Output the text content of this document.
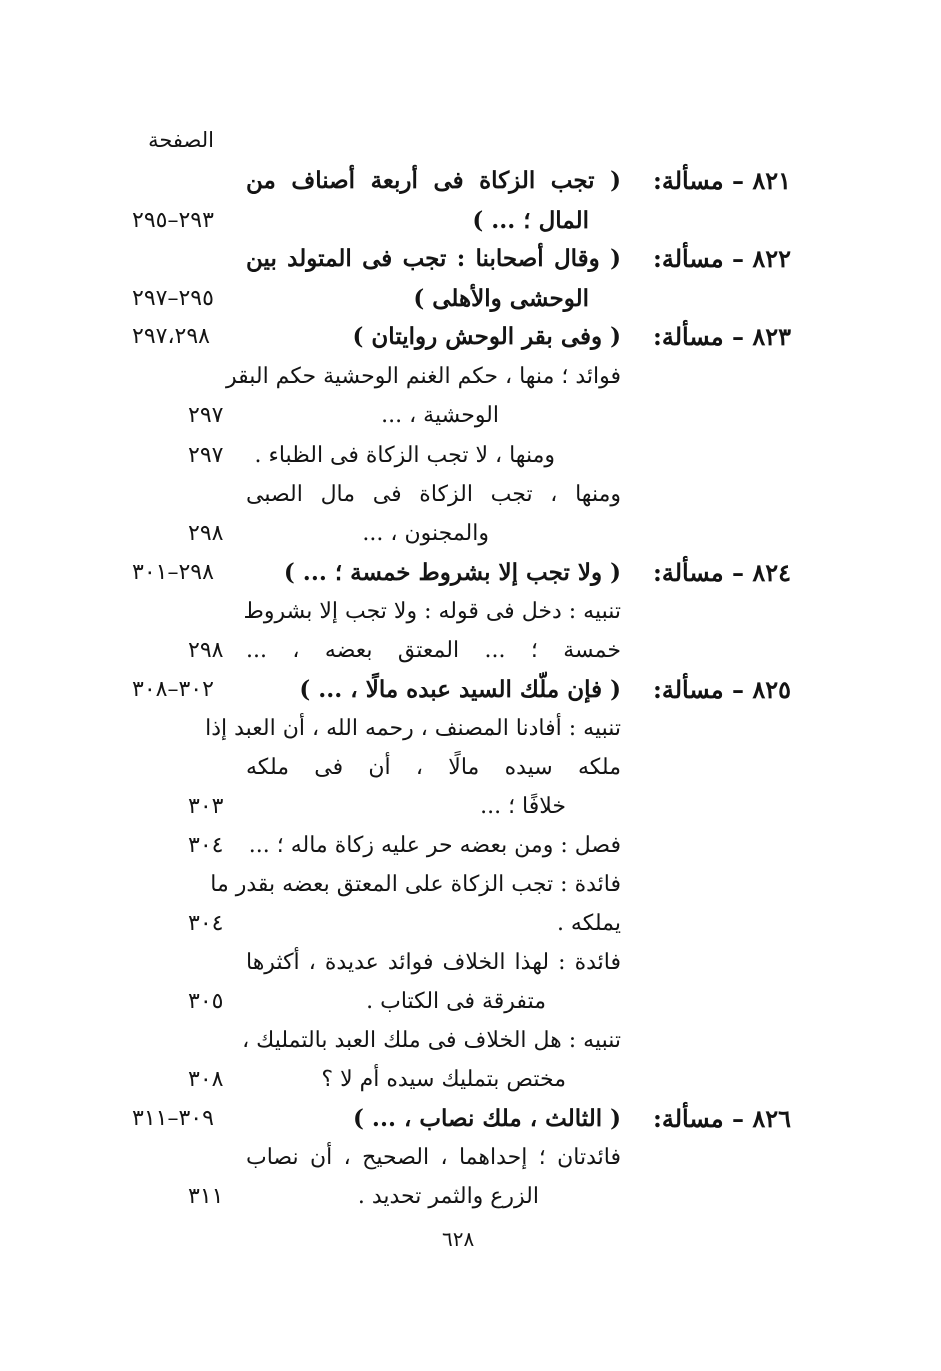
الصفحة
٨٢١ – مسألة:
( تجب الزكاة فى أربعة أصناف من
المال ؛ ... )
٢٩٣–٢٩٥
٨٢٢ – مسألة:
( وقال أصحابنا : تجب فى المتولد بين
الوحشى والأهلى )
٢٩٥–٢٩٧
٨٢٣ – مسألة:
( وفى بقر الوحش روايتان )
٢٩٧،٢٩٨
فوائد ؛ منها ، حكم الغنم الوحشية حكم البقر
الوحشية ، ...
٢٩٧
ومنها ، لا تجب الزكاة فى الظباء .
٢٩٧
ومنها ، تجب الزكاة فى مال الصبى
والمجنون ، ...
٢٩٨
٨٢٤ – مسألة:
( ولا تجب إلا بشروط خمسة ؛ ... )
٢٩٨–٣٠١
تنبيه : دخل فى قوله : ولا تجب إلا بشروط
خمسة ؛ ... المعتق بعضه ، ...
٢٩٨
٨٢٥ – مسألة:
( فإن ملّك السيد عبده مالًا ، ... )
٣٠٢–٣٠٨
تنبيه : أفادنا المصنف ، رحمه الله ، أن العبد إذا
ملكه سيده مالًا ، أن فى ملكه
خلافًا ؛ ...
٣٠٣
فصل : ومن بعضه حر عليه زكاة ماله ؛ ...
٣٠٤
فائدة : تجب الزكاة على المعتق بعضه بقدر ما
يملكه .
٣٠٤
فائدة : لهذا الخلاف فوائد عديدة ، أكثرها
متفرقة فى الكتاب .
٣٠٥
تنبيه : هل الخلاف فى ملك العبد بالتمليك ،
مختص بتمليك سيده أم لا ؟
٣٠٨
٨٢٦ – مسألة:
( الثالث ، ملك نصاب ، ... )
٣٠٩–٣١١
فائدتان ؛ إحداهما ، الصحيح ، أن نصاب
الزرع والثمر تحديد .
٣١١
٦٢٨
